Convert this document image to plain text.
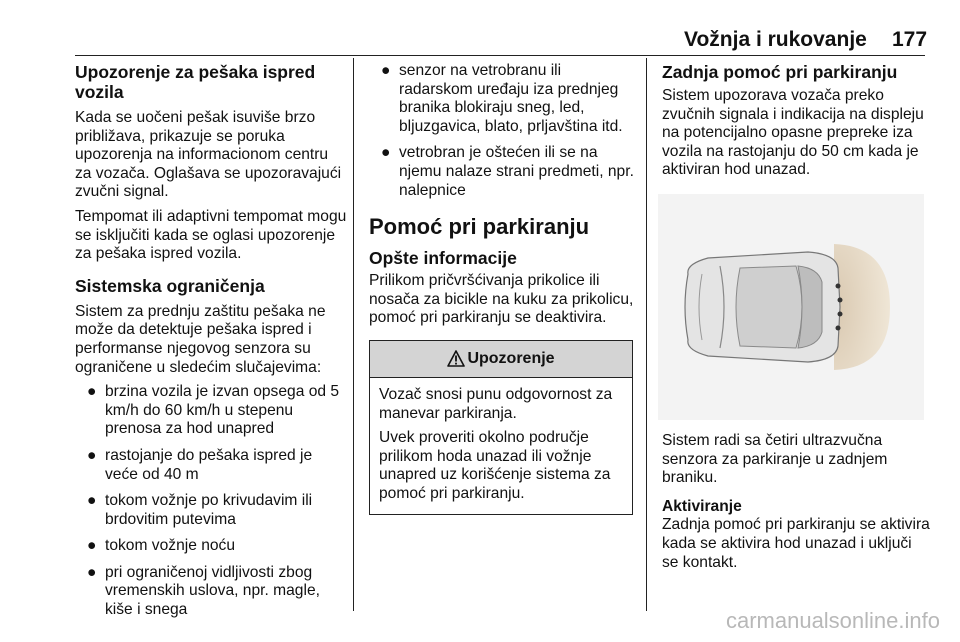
Vožnja i rukovanje 177
Upozorenje za pešaka ispred vozila

Kada se uočeni pešak isuviše brzo približava, prikazuje se poruka upozorenja na informacionom centru za vozača. Oglašava se upozoravajući zvučni signal.

Tempomat ili adaptivni tempomat mogu se isključiti kada se oglasi upozorenje za pešaka ispred vozila.

Sistemska ograničenja

Sistem za prednju zaštitu pešaka ne može da detektuje pešaka ispred i performanse njegovog senzora su ograničene u sledećim slučajevima:

● brzina vozila je izvan opsega od 5 km/h do 60 km/h u stepenu prenosa za hod unapred
● rastojanje do pešaka ispred je veće od 40 m
● tokom vožnje po krivudavim ili brdovitim putevima
● tokom vožnje noću
● pri ograničenoj vidljivosti zbog vremenskih uslova, npr. magle, kiše i snega
● senzor na vetrobranu ili radarskom uređaju iza prednjeg branika blokiraju sneg, led, bljuzgavica, blato, prljavština itd.
● vetrobran je oštećen ili se na njemu nalaze strani predmeti, npr. nalepnice
Pomoć pri parkiranju
Opšte informacije

Prilikom pričvršćivanja prikolice ili nosača za bicikle na kuku za prikolicu, pomoć pri parkiranju se deaktivira.

Upozorenje

Vozač snosi punu odgovornost za manevar parkiranja.

Uvek proveriti okolno područje prilikom hoda unazad ili vožnje unapred uz korišćenje sistema za pomoć pri parkiranju.

Zadnja pomoć pri parkiranju

Sistem upozorava vozača preko zvučnih signala i indikacija na displeju na potencijalno opasne prepreke iza vozila na rastojanju do 50 cm kada je aktiviran hod unazad.

Sistem radi sa četiri ultrazvučna senzora za parkiranje u zadnjem braniku.

Aktiviranje

Zadnja pomoć pri parkiranju se aktivira kada se aktivira hod unazad i uključi se kontakt.

carmanualsonline.info
